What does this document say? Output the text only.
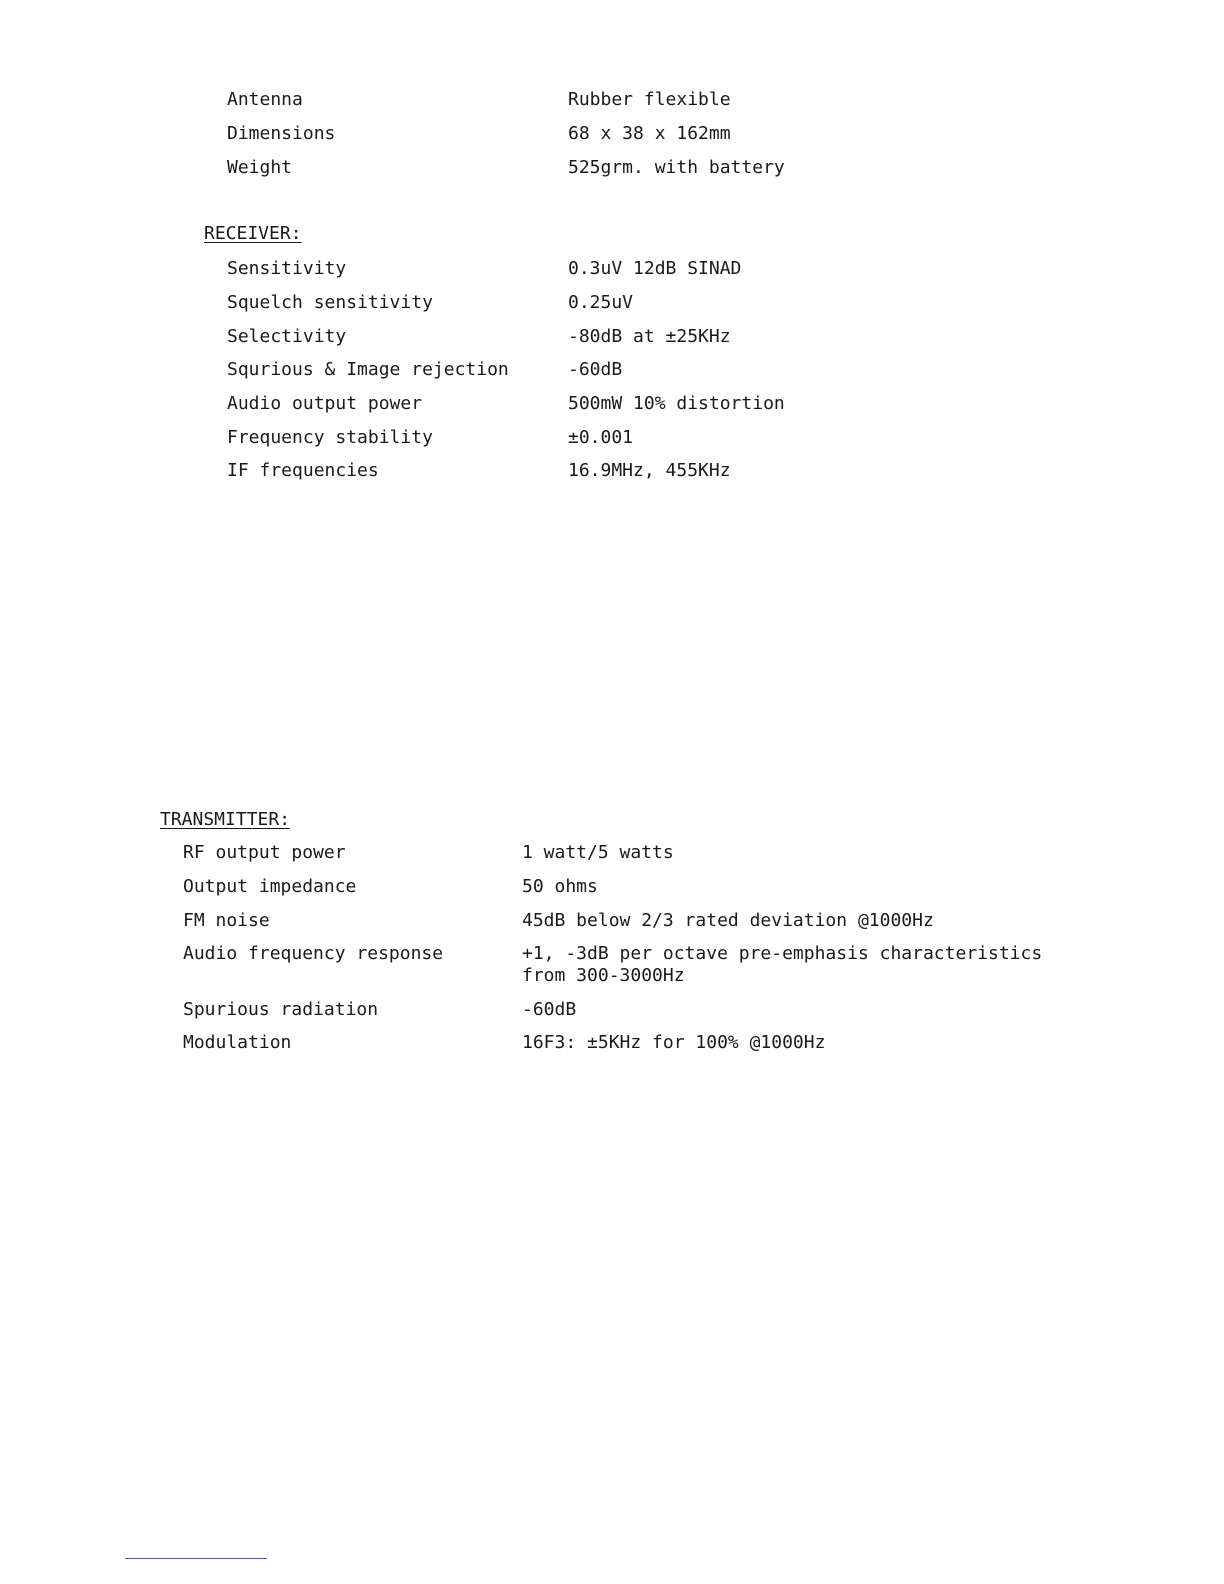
Antenna	Rubber flexible
Dimensions	68 x 38 x 162mm
Weight	525grm. with battery
RECEIVER:
Sensitivity	0.3uV 12dB SINAD
Squelch sensitivity	0.25uV
Selectivity	-80dB at ±25KHz
Squrious & Image rejection	-60dB
Audio output power	500mW 10% distortion
Frequency stability	±0.001
IF frequencies	16.9MHz, 455KHz
TRANSMITTER:
RF output power	1 watt/5 watts
Output impedance	50 ohms
FM noise	45dB below 2/3 rated deviation @1000Hz
Audio frequency response	+1, -3dB per octave pre-emphasis characteristics from 300-3000Hz
Spurious radiation	-60dB
Modulation	16F3: ±5KHz for 100% @1000Hz
